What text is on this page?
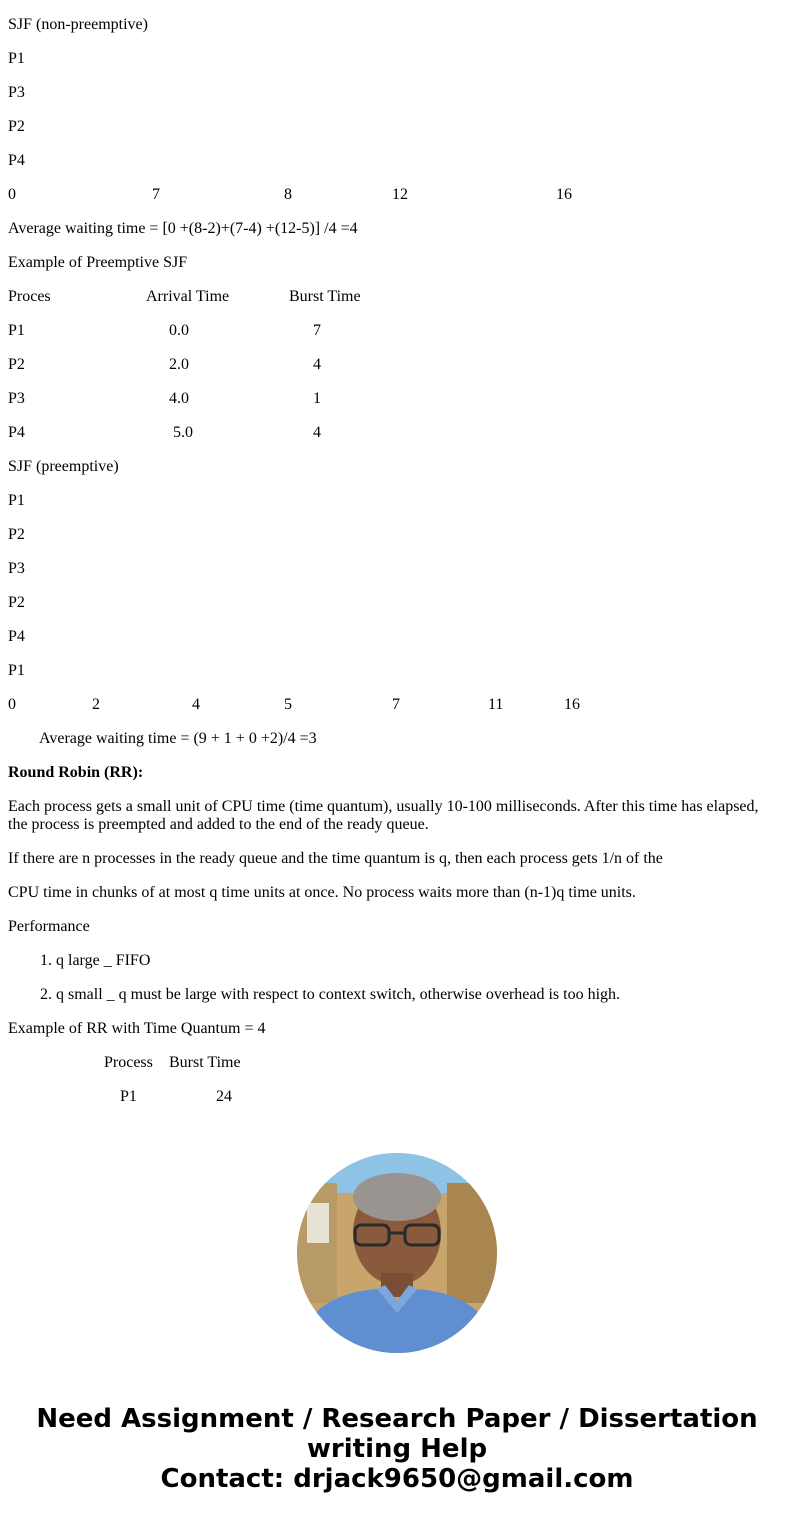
SJF (non-preemptive)
P1
P3
P2
P4
0	7	8	12	16
Average waiting time = [0 +(8-2)+(7-4) +(12-5)] /4 =4
Example of Preemptive SJF
Proces	Arrival Time	Burst Time
P1	0.0	7
P2	2.0	4
P3	4.0	1
P4	5.0	4
SJF (preemptive)
P1
P2
P3
P2
P4
P1
0	2	4	5	7	11	16
Average waiting time = (9 + 1 + 0 +2)/4 =3
Round Robin (RR):
Each process gets a small unit of CPU time (time quantum), usually 10-100 milliseconds. After this time has elapsed, the process is preempted and added to the end of the ready queue.
If there are n processes in the ready queue and the time quantum is q, then each process gets 1/n of the
CPU time in chunks of at most q time units at once. No process waits more than (n-1)q time units.
Performance
1. q large _ FIFO
2. q small _ q must be large with respect to context switch, otherwise overhead is too high.
Example of RR with Time Quantum = 4
Process Burst Time
P1	24
Need Assignment / Research Paper / Dissertation
writing Help
Contact: drjack9650@gmail.com
